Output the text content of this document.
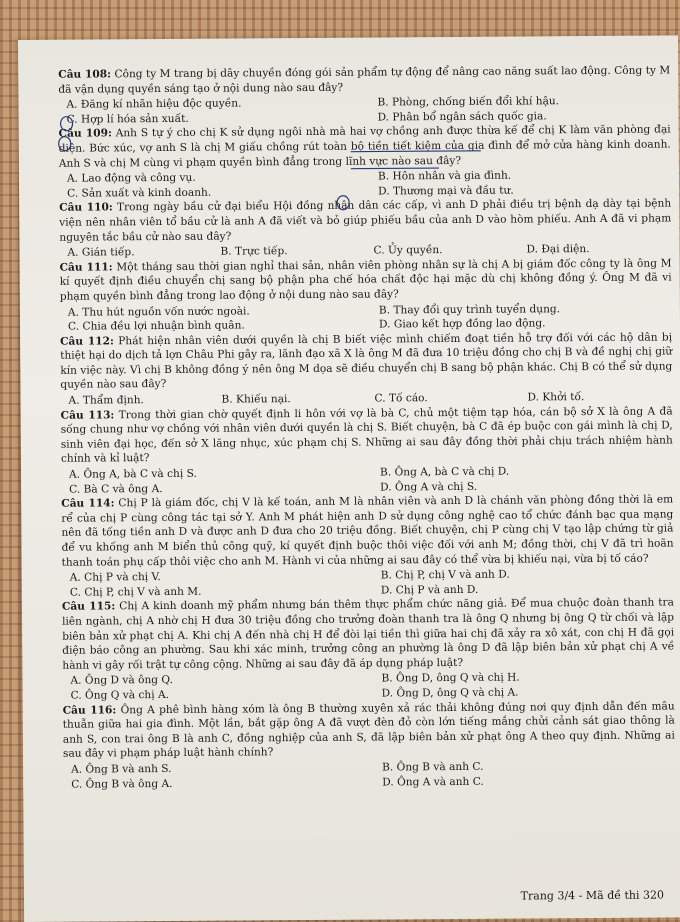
Câu 108: Công ty M trang bị dây chuyền đóng gói sản phẩm tự động để nâng cao năng suất lao động. Công ty M đã vận dụng quyền sáng tạo ở nội dung nào sau đây?

A. Đăng kí nhãn hiệu độc quyền.	B. Phòng, chống biến đổi khí hậu.
C. Hợp lí hóa sản xuất.	D. Phân bổ ngân sách quốc gia.

Câu 109: Anh S tự ý cho chị K sử dụng ngôi nhà mà hai vợ chồng anh được thừa kế để chị K làm văn phòng đại diện. Bức xúc, vợ anh S là chị M giấu chồng rút toàn bộ tiền tiết kiệm của gia đình để mở cửa hàng kinh doanh. Anh S và chị M cùng vi phạm quyền bình đẳng trong lĩnh vực nào sau đây?

A. Lao động và công vụ.	B. Hôn nhân và gia đình.
C. Sản xuất và kinh doanh.	D. Thương mại và đầu tư.

Câu 110: Trong ngày bầu cử đại biểu Hội đồng nhân dân các cấp, vì anh D phải điều trị bệnh dạ dày tại bệnh viện nên nhân viên tổ bầu cử là anh A đã viết và bỏ giúp phiếu bầu của anh D vào hòm phiếu. Anh A đã vi phạm nguyên tắc bầu cử nào sau đây?

A. Gián tiếp.	B. Trực tiếp.	C. Ủy quyền.	D. Đại diện.

Câu 111: Một tháng sau thời gian nghỉ thai sản, nhân viên phòng nhân sự là chị A bị giám đốc công ty là ông M kí quyết định điều chuyển chị sang bộ phận pha chế hóa chất độc hại mặc dù chị không đồng ý. Ông M đã vi phạm quyền bình đẳng trong lao động ở nội dung nào sau đây?

A. Thu hút nguồn vốn nước ngoài.	B. Thay đổi quy trình tuyển dụng.
C. Chia đều lợi nhuận bình quân.	D. Giao kết hợp đồng lao động.

Câu 112: Phát hiện nhân viên dưới quyền là chị B biết việc mình chiếm đoạt tiền hỗ trợ đối với các hộ dân bị thiệt hại do dịch tả lợn Châu Phi gây ra, lãnh đạo xã X là ông M đã đưa 10 triệu đồng cho chị B và đề nghị chị giữ kín việc này. Vì chị B không đồng ý nên ông M dọa sẽ điều chuyển chị B sang bộ phận khác. Chị B có thể sử dụng quyền nào sau đây?

A. Thẩm định.	B. Khiếu nại.	C. Tố cáo.	D. Khởi tố.

Câu 113: Trong thời gian chờ quyết định li hôn với vợ là bà C, chủ một tiệm tạp hóa, cán bộ sở X là ông A đã sống chung như vợ chồng với nhân viên dưới quyền là chị S. Biết chuyện, bà C đã ép buộc con gái mình là chị D, sinh viên đại học, đến sở X lăng nhục, xúc phạm chị S. Những ai sau đây đồng thời phải chịu trách nhiệm hành chính và kỉ luật?

A. Ông A, bà C và chị S.	B. Ông A, bà C và chị D.
C. Bà C và ông A.	D. Ông A và chị S.

Câu 114: Chị P là giám đốc, chị V là kế toán, anh M là nhân viên và anh D là chánh văn phòng đồng thời là em rể của chị P cùng công tác tại sở Y. Anh M phát hiện anh D sử dụng công nghệ cao tổ chức đánh bạc qua mạng nên đã tống tiền anh D và được anh D đưa cho 20 triệu đồng. Biết chuyện, chị P cùng chị V tạo lập chứng từ giả để vu khống anh M biển thủ công quỹ, kí quyết định buộc thôi việc đối với anh M; đồng thời, chị V đã trì hoãn thanh toán phụ cấp thôi việc cho anh M. Hành vi của những ai sau đây có thể vừa bị khiếu nại, vừa bị tố cáo?

A. Chị P và chị V.	B. Chị P, chị V và anh D.
C. Chị P, chị V và anh M.	D. Chị P và anh D.

Câu 115: Chị A kinh doanh mỹ phẩm nhưng bán thêm thực phẩm chức năng giả. Để mua chuộc đoàn thanh tra liên ngành, chị A nhờ chị H đưa 30 triệu đồng cho trưởng đoàn thanh tra là ông Q nhưng bị ông Q từ chối và lập biên bản xử phạt chị A. Khi chị A đến nhà chị H để đòi lại tiền thì giữa hai chị đã xảy ra xô xát, con chị H đã gọi điện báo công an phường. Sau khi xác minh, trưởng công an phường là ông D đã lập biên bản xử phạt chị A về hành vi gây rối trật tự công cộng. Những ai sau đây đã áp dụng pháp luật?

A. Ông D và ông Q.	B. Ông D, ông Q và chị H.
C. Ông Q và chị A.	D. Ông D, ông Q và chị A.

Câu 116: Ông A phê bình hàng xóm là ông B thường xuyên xả rác thải không đúng nơi quy định dẫn đến mâu thuẫn giữa hai gia đình. Một lần, bắt gặp ông A đã vượt đèn đỏ còn lớn tiếng mắng chửi cảnh sát giao thông là anh S, con trai ông B là anh C, đồng nghiệp của anh S, đã lập biên bản xử phạt ông A theo quy định. Những ai sau đây vi phạm pháp luật hành chính?

A. Ông B và anh S.	B. Ông B và anh C.
C. Ông B và ông A.	D. Ông A và anh C.
Trang 3/4 - Mã đề thi 320
